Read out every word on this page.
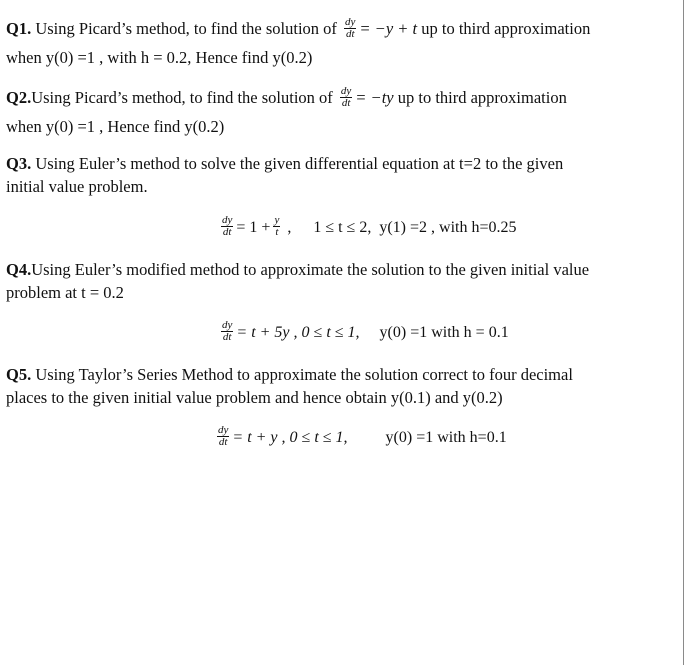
Q1. Using Picard’s method, to find the solution of $\frac{dy}{dt} = -y + t$ up to third approximation
when y(0) =1 , with h = 0.2, Hence find y(0.2)
Q2.Using Picard’s method, to find the solution of $\frac{dy}{dt} = -ty$ up to third approximation
when y(0) =1 , Hence find y(0.2)
Q3. Using Euler’s method to solve the given differential equation at t=2 to the given
initial value problem.
$\frac{dy}{dt} = 1 + \frac{y}{t}$ , 1 ≤ t ≤ 2, y(1) =2 , with h=0.25
Q4.Using Euler’s modified method to approximate the solution to the given initial value
problem at t = 0.2
$\frac{dy}{dt} = t + 5y$ , 0 ≤ t ≤ 1, y(0) =1 with h = 0.1
Q5. Using Taylor’s Series Method to approximate the solution correct to four decimal
places to the given initial value problem and hence obtain y(0.1) and y(0.2)
$\frac{dy}{dt} = t + y$ , 0 ≤ t ≤ 1, y(0) =1 with h=0.1
